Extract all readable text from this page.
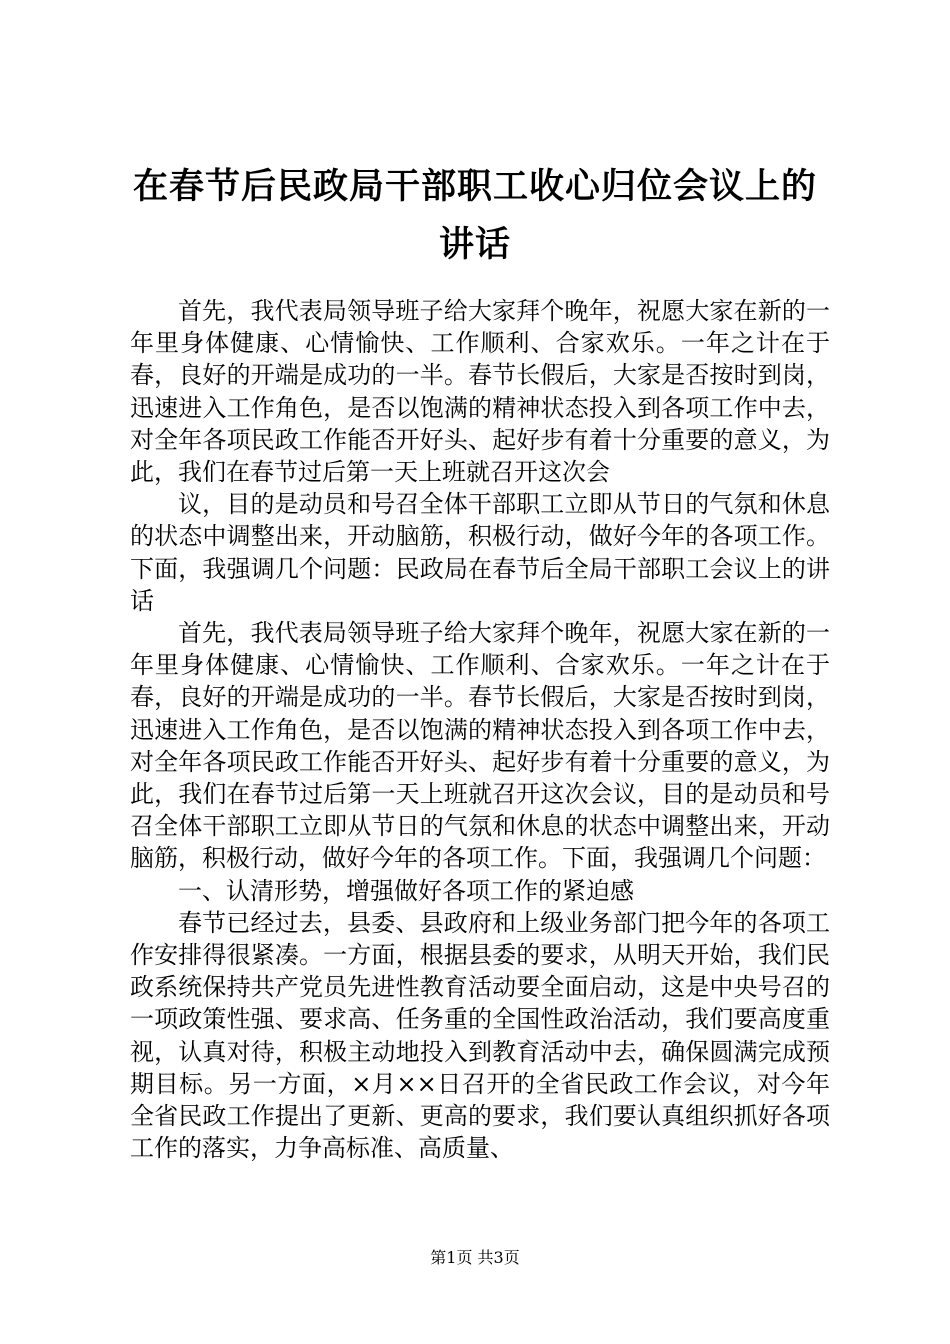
在春节后民政局干部职工收心归位会议上的讲话

首先，我代表局领导班子给大家拜个晚年，祝愿大家在新的一年里身体健康、心情愉快、工作顺利、合家欢乐。一年之计在于春，良好的开端是成功的一半。春节长假后，大家是否按时到岗，迅速进入工作角色，是否以饱满的精神状态投入到各项工作中去，对全年各项民政工作能否开好头、起好步有着十分重要的意义，为此，我们在春节过后第一天上班就召开这次会

议，目的是动员和号召全体干部职工立即从节日的气氛和休息的状态中调整出来，开动脑筋，积极行动，做好今年的各项工作。下面，我强调几个问题：民政局在春节后全局干部职工会议上的讲话

首先，我代表局领导班子给大家拜个晚年，祝愿大家在新的一年里身体健康、心情愉快、工作顺利、合家欢乐。一年之计在于春，良好的开端是成功的一半。春节长假后，大家是否按时到岗，迅速进入工作角色，是否以饱满的精神状态投入到各项工作中去，对全年各项民政工作能否开好头、起好步有着十分重要的意义，为此，我们在春节过后第一天上班就召开这次会议，目的是动员和号召全体干部职工立即从节日的气氛和休息的状态中调整出来，开动脑筋，积极行动，做好今年的各项工作。下面，我强调几个问题：

一、认清形势，增强做好各项工作的紧迫感

春节已经过去，县委、县政府和上级业务部门把今年的各项工作安排得很紧凑。一方面，根据县委的要求，从明天开始，我们民政系统保持共产党员先进性教育活动要全面启动，这是中央号召的一项政策性强、要求高、任务重的全国性政治活动，我们要高度重视，认真对待，积极主动地投入到教育活动中去，确保圆满完成预期目标。另一方面，×月××日召开的全省民政工作会议，对今年全省民政工作提出了更新、更高的要求，我们要认真组织抓好各项工作的落实，力争高标准、高质量、

第1页 共3页
